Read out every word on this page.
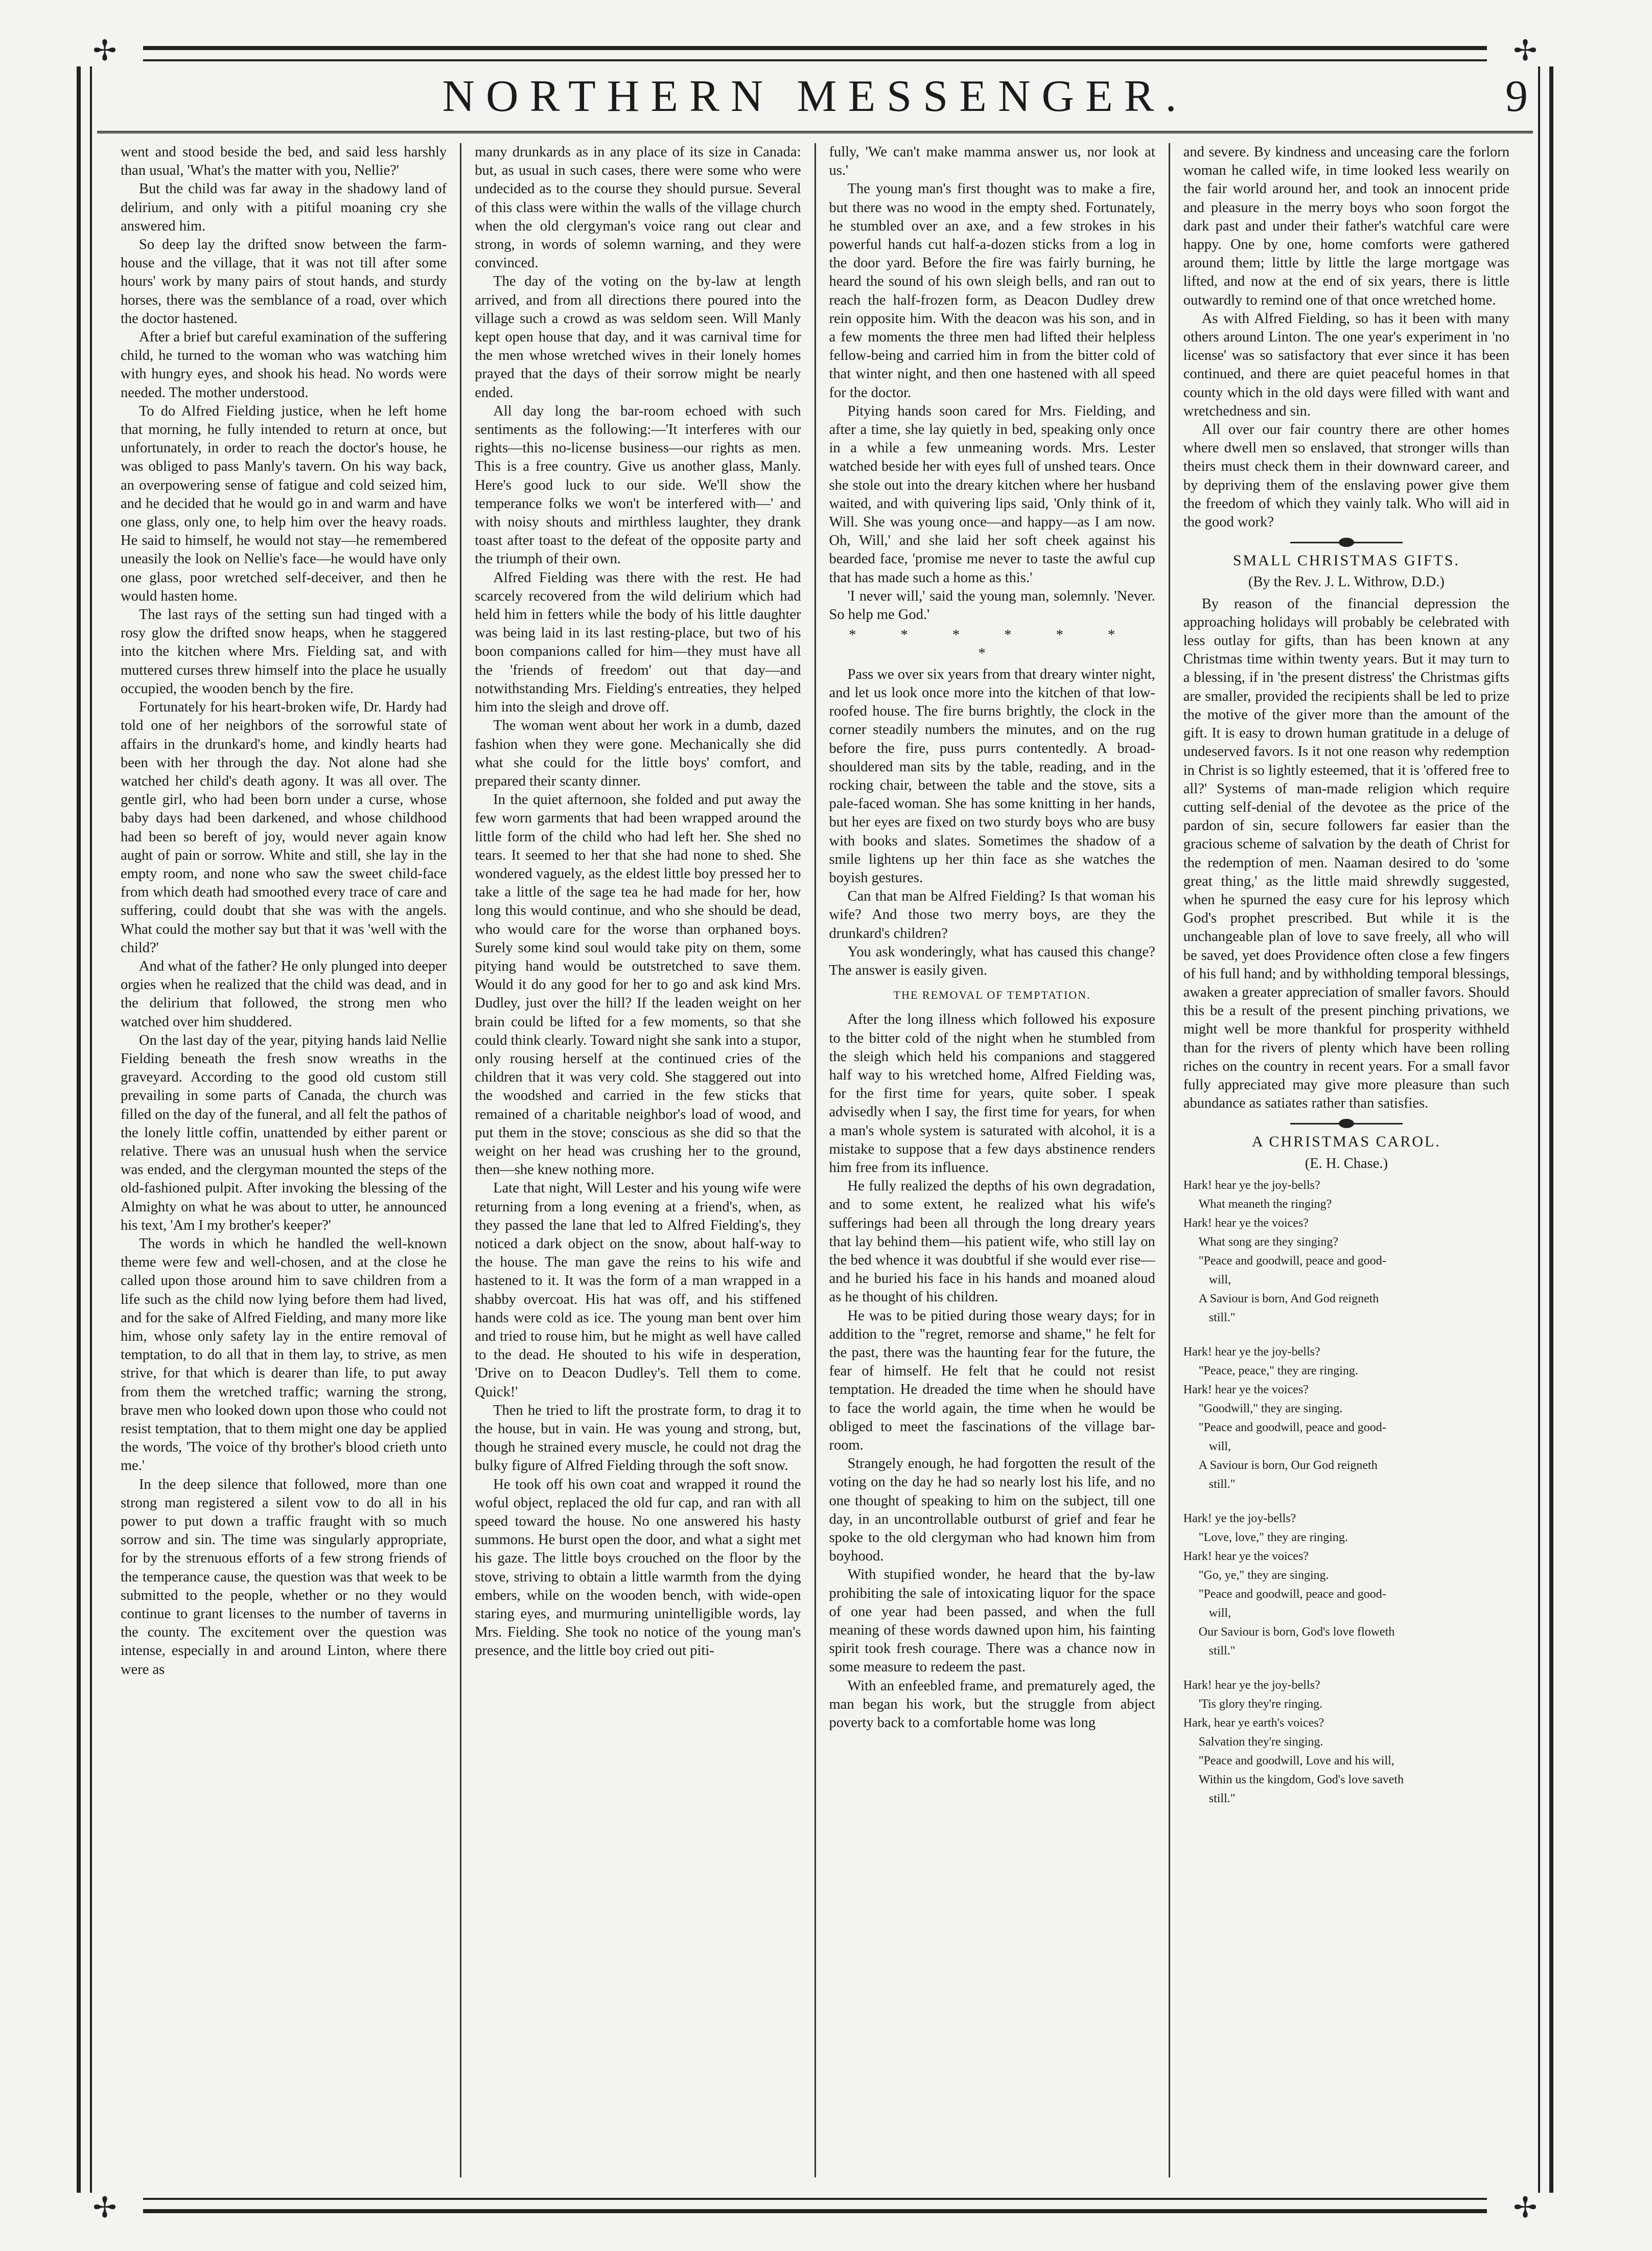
✢	✢
✢	✢
NORTHERN MESSENGER.	9

went and stood beside the bed, and said less harshly than usual, 'What's the matter with you, Nellie?'

But the child was far away in the shadowy land of delirium, and only with a pitiful moaning cry she answered him.

So deep lay the drifted snow between the farm-house and the village, that it was not till after some hours' work by many pairs of stout hands, and sturdy horses, there was the semblance of a road, over which the doctor hastened.

After a brief but careful examination of the suffering child, he turned to the woman who was watching him with hungry eyes, and shook his head. No words were needed. The mother understood.

To do Alfred Fielding justice, when he left home that morning, he fully intended to return at once, but unfortunately, in order to reach the doctor's house, he was obliged to pass Manly's tavern. On his way back, an overpowering sense of fatigue and cold seized him, and he decided that he would go in and warm and have one glass, only one, to help him over the heavy roads. He said to himself, he would not stay—he remembered uneasily the look on Nellie's face—he would have only one glass, poor wretched self-deceiver, and then he would hasten home.

The last rays of the setting sun had tinged with a rosy glow the drifted snow heaps, when he staggered into the kitchen where Mrs. Fielding sat, and with muttered curses threw himself into the place he usually occupied, the wooden bench by the fire.

Fortunately for his heart-broken wife, Dr. Hardy had told one of her neighbors of the sorrowful state of affairs in the drunkard's home, and kindly hearts had been with her through the day. Not alone had she watched her child's death agony. It was all over. The gentle girl, who had been born under a curse, whose baby days had been darkened, and whose childhood had been so bereft of joy, would never again know aught of pain or sorrow. White and still, she lay in the empty room, and none who saw the sweet child-face from which death had smoothed every trace of care and suffering, could doubt that she was with the angels. What could the mother say but that it was 'well with the child?'

And what of the father? He only plunged into deeper orgies when he realized that the child was dead, and in the delirium that followed, the strong men who watched over him shuddered.

On the last day of the year, pitying hands laid Nellie Fielding beneath the fresh snow wreaths in the graveyard. According to the good old custom still prevailing in some parts of Canada, the church was filled on the day of the funeral, and all felt the pathos of the lonely little coffin, unattended by either parent or relative. There was an unusual hush when the service was ended, and the clergyman mounted the steps of the old-fashioned pulpit. After invoking the blessing of the Almighty on what he was about to utter, he announced his text, 'Am I my brother's keeper?'

The words in which he handled the well-known theme were few and well-chosen, and at the close he called upon those around him to save children from a life such as the child now lying before them had lived, and for the sake of Alfred Fielding, and many more like him, whose only safety lay in the entire removal of temptation, to do all that in them lay, to strive, as men strive, for that which is dearer than life, to put away from them the wretched traffic; warning the strong, brave men who looked down upon those who could not resist temptation, that to them might one day be applied the words, 'The voice of thy brother's blood crieth unto me.'

In the deep silence that followed, more than one strong man registered a silent vow to do all in his power to put down a traffic fraught with so much sorrow and sin. The time was singularly appropriate, for by the strenuous efforts of a few strong friends of the temperance cause, the question was that week to be submitted to the people, whether or no they would continue to grant licenses to the number of taverns in the county. The excitement over the question was intense, especially in and around Linton, where there were as

many drunkards as in any place of its size in Canada: but, as usual in such cases, there were some who were undecided as to the course they should pursue. Several of this class were within the walls of the village church when the old clergyman's voice rang out clear and strong, in words of solemn warning, and they were convinced.

The day of the voting on the by-law at length arrived, and from all directions there poured into the village such a crowd as was seldom seen. Will Manly kept open house that day, and it was carnival time for the men whose wretched wives in their lonely homes prayed that the days of their sorrow might be nearly ended.

All day long the bar-room echoed with such sentiments as the following:—'It interferes with our rights—this no-license business—our rights as men. This is a free country. Give us another glass, Manly. Here's good luck to our side. We'll show the temperance folks we won't be interfered with—' and with noisy shouts and mirthless laughter, they drank toast after toast to the defeat of the opposite party and the triumph of their own.

Alfred Fielding was there with the rest. He had scarcely recovered from the wild delirium which had held him in fetters while the body of his little daughter was being laid in its last resting-place, but two of his boon companions called for him—they must have all the 'friends of freedom' out that day—and notwithstanding Mrs. Fielding's entreaties, they helped him into the sleigh and drove off.

The woman went about her work in a dumb, dazed fashion when they were gone. Mechanically she did what she could for the little boys' comfort, and prepared their scanty dinner.

In the quiet afternoon, she folded and put away the few worn garments that had been wrapped around the little form of the child who had left her. She shed no tears. It seemed to her that she had none to shed. She wondered vaguely, as the eldest little boy pressed her to take a little of the sage tea he had made for her, how long this would continue, and who she should be dead, who would care for the worse than orphaned boys. Surely some kind soul would take pity on them, some pitying hand would be outstretched to save them. Would it do any good for her to go and ask kind Mrs. Dudley, just over the hill? If the leaden weight on her brain could be lifted for a few moments, so that she could think clearly. Toward night she sank into a stupor, only rousing herself at the continued cries of the children that it was very cold. She staggered out into the woodshed and carried in the few sticks that remained of a charitable neighbor's load of wood, and put them in the stove; conscious as she did so that the weight on her head was crushing her to the ground, then—she knew nothing more.

Late that night, Will Lester and his young wife were returning from a long evening at a friend's, when, as they passed the lane that led to Alfred Fielding's, they noticed a dark object on the snow, about half-way to the house. The man gave the reins to his wife and hastened to it. It was the form of a man wrapped in a shabby overcoat. His hat was off, and his stiffened hands were cold as ice. The young man bent over him and tried to rouse him, but he might as well have called to the dead. He shouted to his wife in desperation, 'Drive on to Deacon Dudley's. Tell them to come. Quick!'

Then he tried to lift the prostrate form, to drag it to the house, but in vain. He was young and strong, but, though he strained every muscle, he could not drag the bulky figure of Alfred Fielding through the soft snow.

He took off his own coat and wrapped it round the woful object, replaced the old fur cap, and ran with all speed toward the house. No one answered his hasty summons. He burst open the door, and what a sight met his gaze. The little boys crouched on the floor by the stove, striving to obtain a little warmth from the dying embers, while on the wooden bench, with wide-open staring eyes, and murmuring unintelligible words, lay Mrs. Fielding. She took no notice of the young man's presence, and the little boy cried out piti-

fully, 'We can't make mamma answer us, nor look at us.'

The young man's first thought was to make a fire, but there was no wood in the empty shed. Fortunately, he stumbled over an axe, and a few strokes in his powerful hands cut half-a-dozen sticks from a log in the door yard. Before the fire was fairly burning, he heard the sound of his own sleigh bells, and ran out to reach the half-frozen form, as Deacon Dudley drew rein opposite him. With the deacon was his son, and in a few moments the three men had lifted their helpless fellow-being and carried him in from the bitter cold of that winter night, and then one hastened with all speed for the doctor.

Pitying hands soon cared for Mrs. Fielding, and after a time, she lay quietly in bed, speaking only once in a while a few unmeaning words. Mrs. Lester watched beside her with eyes full of unshed tears. Once she stole out into the dreary kitchen where her husband waited, and with quivering lips said, 'Only think of it, Will. She was young once—and happy—as I am now. Oh, Will,' and she laid her soft cheek against his bearded face, 'promise me never to taste the awful cup that has made such a home as this.'

'I never will,' said the young man, solemnly. 'Never. So help me God.'

* * * * * * *

Pass we over six years from that dreary winter night, and let us look once more into the kitchen of that low-roofed house. The fire burns brightly, the clock in the corner steadily numbers the minutes, and on the rug before the fire, puss purrs contentedly. A broad-shouldered man sits by the table, reading, and in the rocking chair, between the table and the stove, sits a pale-faced woman. She has some knitting in her hands, but her eyes are fixed on two sturdy boys who are busy with books and slates. Sometimes the shadow of a smile lightens up her thin face as she watches the boyish gestures.

Can that man be Alfred Fielding? Is that woman his wife? And those two merry boys, are they the drunkard's children?

You ask wonderingly, what has caused this change? The answer is easily given.

THE REMOVAL OF TEMPTATION.

After the long illness which followed his exposure to the bitter cold of the night when he stumbled from the sleigh which held his companions and staggered half way to his wretched home, Alfred Fielding was, for the first time for years, quite sober. I speak advisedly when I say, the first time for years, for when a man's whole system is saturated with alcohol, it is a mistake to suppose that a few days abstinence renders him free from its influence.

He fully realized the depths of his own degradation, and to some extent, he realized what his wife's sufferings had been all through the long dreary years that lay behind them—his patient wife, who still lay on the bed whence it was doubtful if she would ever rise—and he buried his face in his hands and moaned aloud as he thought of his children.

He was to be pitied during those weary days; for in addition to the "regret, remorse and shame," he felt for the past, there was the haunting fear for the future, the fear of himself. He felt that he could not resist temptation. He dreaded the time when he should have to face the world again, the time when he would be obliged to meet the fascinations of the village bar-room.

Strangely enough, he had forgotten the result of the voting on the day he had so nearly lost his life, and no one thought of speaking to him on the subject, till one day, in an uncontrollable outburst of grief and fear he spoke to the old clergyman who had known him from boyhood.

With stupified wonder, he heard that the by-law prohibiting the sale of intoxicating liquor for the space of one year had been passed, and when the full meaning of these words dawned upon him, his fainting spirit took fresh courage. There was a chance now in some measure to redeem the past.

With an enfeebled frame, and prematurely aged, the man began his work, but the struggle from abject poverty back to a comfortable home was long

and severe. By kindness and unceasing care the forlorn woman he called wife, in time looked less wearily on the fair world around her, and took an innocent pride and pleasure in the merry boys who soon forgot the dark past and under their father's watchful care were happy. One by one, home comforts were gathered around them; little by little the large mortgage was lifted, and now at the end of six years, there is little outwardly to remind one of that once wretched home.

As with Alfred Fielding, so has it been with many others around Linton. The one year's experiment in 'no license' was so satisfactory that ever since it has been continued, and there are quiet peaceful homes in that county which in the old days were filled with want and wretchedness and sin.

All over our fair country there are other homes where dwell men so enslaved, that stronger wills than theirs must check them in their downward career, and by depriving them of the enslaving power give them the freedom of which they vainly talk. Who will aid in the good work?

SMALL CHRISTMAS GIFTS.
(By the Rev. J. L. Withrow, D.D.)

By reason of the financial depression the approaching holidays will probably be celebrated with less outlay for gifts, than has been known at any Christmas time within twenty years. But it may turn to a blessing, if in 'the present distress' the Christmas gifts are smaller, provided the recipients shall be led to prize the motive of the giver more than the amount of the gift. It is easy to drown human gratitude in a deluge of undeserved favors. Is it not one reason why redemption in Christ is so lightly esteemed, that it is 'offered free to all?' Systems of man-made religion which require cutting self-denial of the devotee as the price of the pardon of sin, secure followers far easier than the gracious scheme of salvation by the death of Christ for the redemption of men. Naaman desired to do 'some great thing,' as the little maid shrewdly suggested, when he spurned the easy cure for his leprosy which God's prophet prescribed. But while it is the unchangeable plan of love to save freely, all who will be saved, yet does Providence often close a few fingers of his full hand; and by withholding temporal blessings, awaken a greater appreciation of smaller favors. Should this be a result of the present pinching privations, we might well be more thankful for prosperity withheld than for the rivers of plenty which have been rolling riches on the country in recent years. For a small favor fully appreciated may give more pleasure than such abundance as satiates rather than satisfies.

A CHRISTMAS CAROL.
(E. H. Chase.)

Hark! hear ye the joy-bells?

What meaneth the ringing?

Hark! hear ye the voices?

What song are they singing?

"Peace and goodwill, peace and good-

will,

A Saviour is born, And God reigneth

still."

Hark! hear ye the joy-bells?

"Peace, peace," they are ringing.

Hark! hear ye the voices?

"Goodwill," they are singing.

"Peace and goodwill, peace and good-

will,

A Saviour is born, Our God reigneth

still."

Hark! ye the joy-bells?

"Love, love," they are ringing.

Hark! hear ye the voices?

"Go, ye," they are singing.

"Peace and goodwill, peace and good-

will,

Our Saviour is born, God's love floweth

still."

Hark! hear ye the joy-bells?

'Tis glory they're ringing.

Hark, hear ye earth's voices?

Salvation they're singing.

"Peace and goodwill, Love and his will,

Within us the kingdom, God's love saveth

still."
